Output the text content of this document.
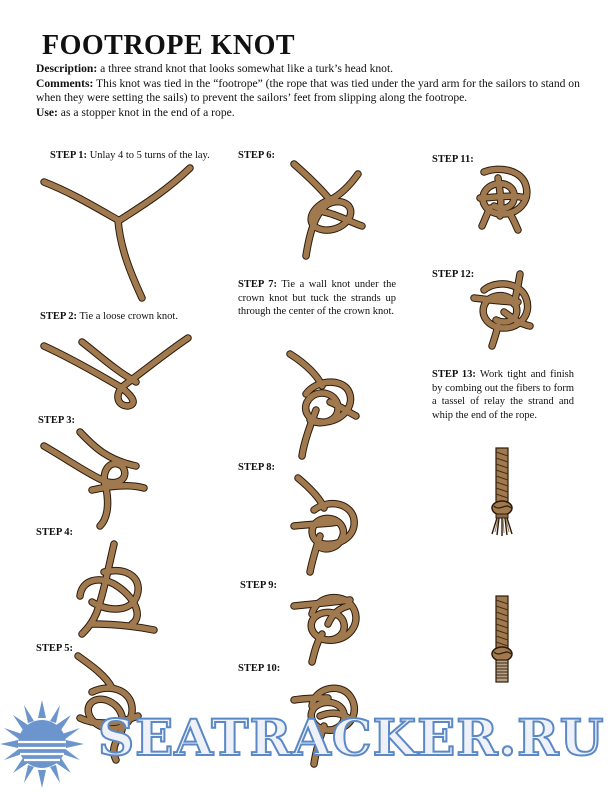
FOOTROPE KNOT

Description: a three strand knot that looks somewhat like a turk’s head knot.

Comments: This knot was tied in the “footrope” (the rope that was tied under the yard arm for the sailors to stand on when they were setting the sails) to prevent the sailors’ feet from slipping along the footrope.

Use: as a stopper knot in the end of a rope.

STEP 1: Unlay 4 to 5 turns of the lay.
STEP 2: Tie a loose crown knot.
STEP 3:
STEP 4:
STEP 5:
STEP 6:
STEP 7: Tie a wall knot under the crown knot but tuck the strands up through the center of the crown knot.
STEP 8:
STEP 9:
STEP 10:
STEP 11:
STEP 12:
STEP 13: Work tight and finish by combing out the fibers to form a tassel of relay the strand and whip the end of the rope.
SEATRACKER.RU
